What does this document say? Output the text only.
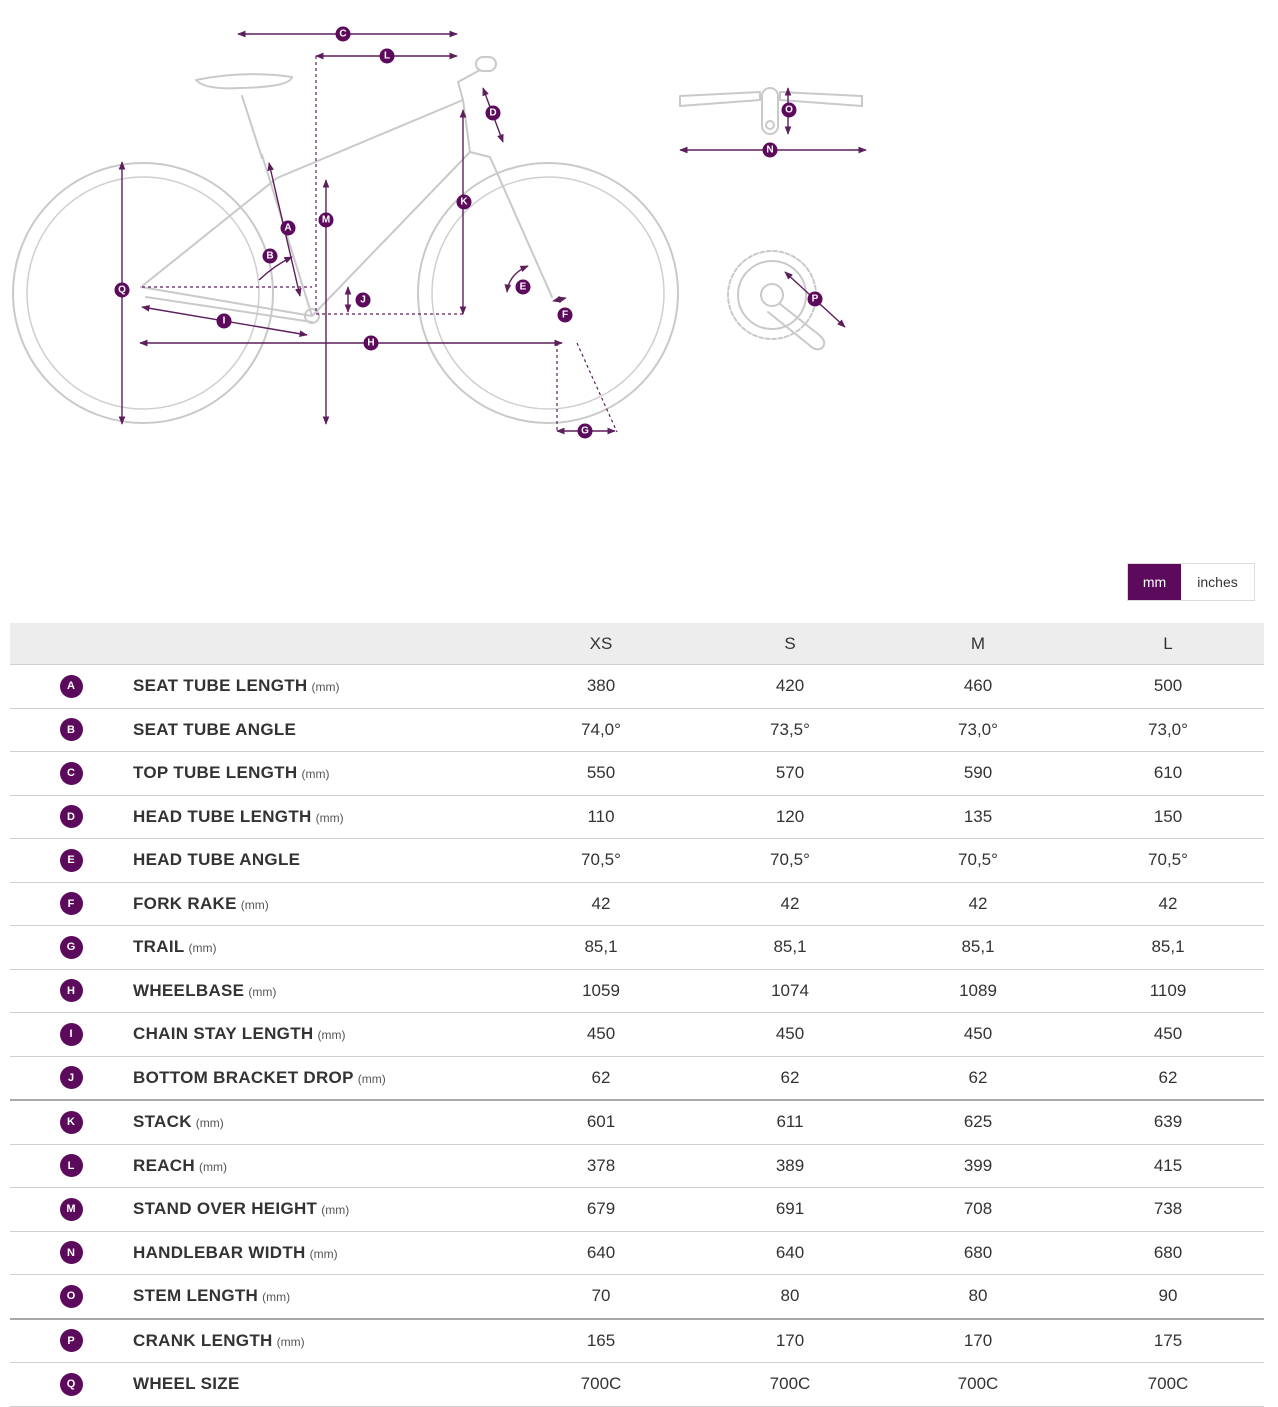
C
L
D
K
M
A
B
Q
J
E
F
I
H
G
O
N
P
mm	inches
		XS	S	M	L
A	SEAT TUBE LENGTH (mm)	380	420	460	500
B	SEAT TUBE ANGLE	74,0°	73,5°	73,0°	73,0°
C	TOP TUBE LENGTH (mm)	550	570	590	610
D	HEAD TUBE LENGTH (mm)	110	120	135	150
E	HEAD TUBE ANGLE	70,5°	70,5°	70,5°	70,5°
F	FORK RAKE (mm)	42	42	42	42
G	TRAIL (mm)	85,1	85,1	85,1	85,1
H	WHEELBASE (mm)	1059	1074	1089	1109
I	CHAIN STAY LENGTH (mm)	450	450	450	450
J	BOTTOM BRACKET DROP (mm)	62	62	62	62
K	STACK (mm)	601	611	625	639
L	REACH (mm)	378	389	399	415
M	STAND OVER HEIGHT (mm)	679	691	708	738
N	HANDLEBAR WIDTH (mm)	640	640	680	680
O	STEM LENGTH (mm)	70	80	80	90
P	CRANK LENGTH (mm)	165	170	170	175
Q	WHEEL SIZE	700C	700C	700C	700C
